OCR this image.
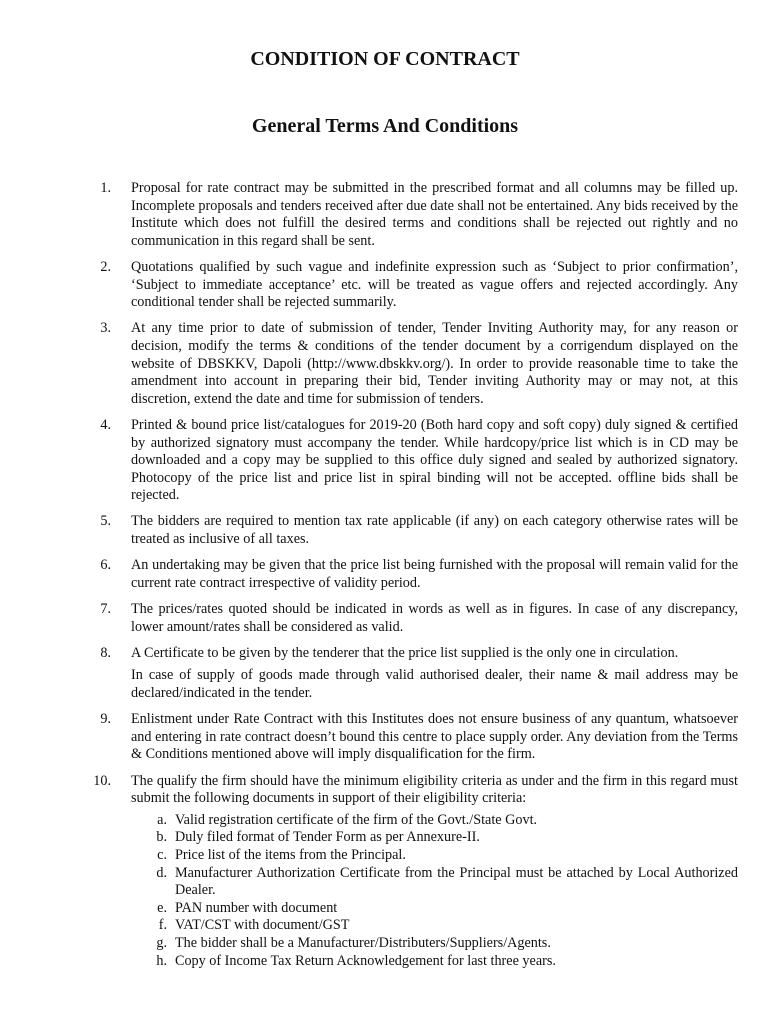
CONDITION OF CONTRACT
General Terms And Conditions
1. Proposal for rate contract may be submitted in the prescribed format and all columns may be filled up. Incomplete proposals and tenders received after due date shall not be entertained. Any bids received by the Institute which does not fulfill the desired terms and conditions shall be rejected out rightly and no communication in this regard shall be sent.

2. Quotations qualified by such vague and indefinite expression such as ‘Subject to prior confirmation’, ‘Subject to immediate acceptance’ etc. will be treated as vague offers and rejected accordingly. Any conditional tender shall be rejected summarily.

3. At any time prior to date of submission of tender, Tender Inviting Authority may, for any reason or decision, modify the terms & conditions of the tender document by a corrigendum displayed on the website of DBSKKV, Dapoli (http://www.dbskkv.org/). In order to provide reasonable time to take the amendment into account in preparing their bid, Tender inviting Authority may or may not, at this discretion, extend the date and time for submission of tenders.

4. Printed & bound price list/catalogues for 2019-20 (Both hard copy and soft copy) duly signed & certified by authorized signatory must accompany the tender. While hardcopy/price list which is in CD may be downloaded and a copy may be supplied to this office duly signed and sealed by authorized signatory. Photocopy of the price list and price list in spiral binding will not be accepted. offline bids shall be rejected.

5. The bidders are required to mention tax rate applicable (if any) on each category otherwise rates will be treated as inclusive of all taxes.

6. An undertaking may be given that the price list being furnished with the proposal will remain valid for the current rate contract irrespective of validity period.

7. The prices/rates quoted should be indicated in words as well as in figures. In case of any discrepancy, lower amount/rates shall be considered as valid.

8. A Certificate to be given by the tenderer that the price list supplied is the only one in circulation.

In case of supply of goods made through valid authorised dealer, their name & mail address may be declared/indicated in the tender.

9. Enlistment under Rate Contract with this Institutes does not ensure business of any quantum, whatsoever and entering in rate contract doesn’t bound this centre to place supply order. Any deviation from the Terms & Conditions mentioned above will imply disqualification for the firm.

10. The qualify the firm should have the minimum eligibility criteria as under and the firm in this regard must submit the following documents in support of their eligibility criteria:

a. Valid registration certificate of the firm of the Govt./State Govt.
b. Duly filed format of Tender Form as per Annexure-II.
c. Price list of the items from the Principal.
d. Manufacturer Authorization Certificate from the Principal must be attached by Local Authorized Dealer.
e. PAN number with document
f. VAT/CST with document/GST
g. The bidder shall be a Manufacturer/Distributers/Suppliers/Agents.
h. Copy of Income Tax Return Acknowledgement for last three years.
